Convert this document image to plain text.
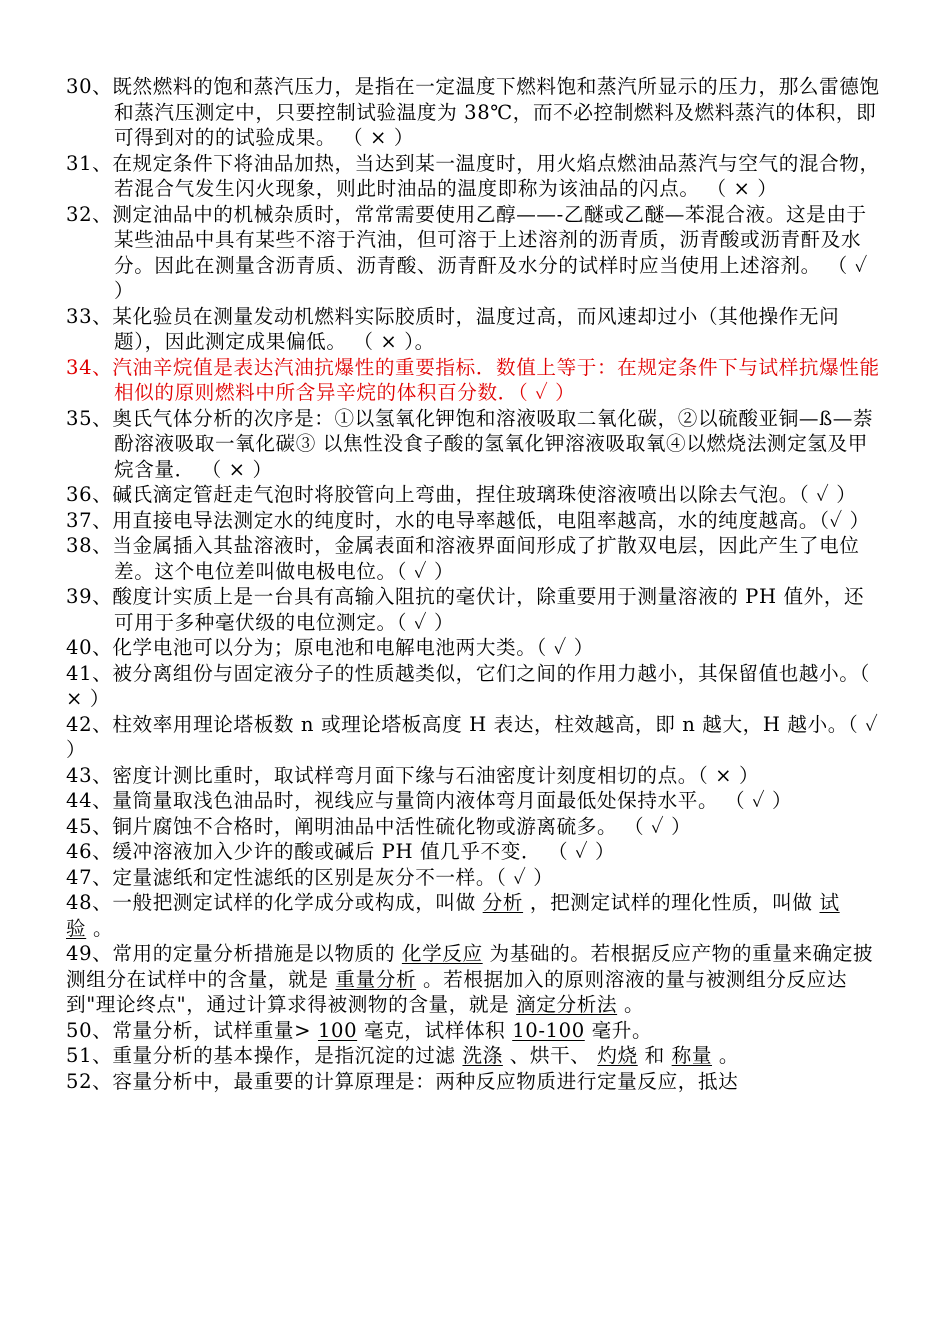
30、既然燃料的饱和蒸汽压力，是指在一定温度下燃料饱和蒸汽所显示的压力，那么雷德饱和蒸汽压测定中，只要控制试验温度为 38℃，而不必控制燃料及燃料蒸汽的体积，即可得到对的的试验成果。 （ × ）

31、在规定条件下将油品加热，当达到某一温度时，用火焰点燃油品蒸汽与空气的混合物，若混合气发生闪火现象，则此时油品的温度即称为该油品的闪点。 （ × ）

32、测定油品中的机械杂质时，常常需要使用乙醇——-乙醚或乙醚—苯混合液。这是由于某些油品中具有某些不溶于汽油，但可溶于上述溶剂的沥青质，沥青酸或沥青酐及水分。因此在测量含沥青质、沥青酸、沥青酐及水分的试样时应当使用上述溶剂。 （ ✓ ）

33、某化验员在测量发动机燃料实际胶质时，温度过高，而风速却过小（其他操作无问题），因此测定成果偏低。 （ × ）。

34、汽油辛烷值是表达汽油抗爆性的重要指标．数值上等于：在规定条件下与试样抗爆性能相似的原则燃料中所含异辛烷的体积百分数．（ ✓ ）

35、奥氏气体分析的次序是：①以氢氧化钾饱和溶液吸取二氧化碳，②以硫酸亚铜—ß—萘酚溶液吸取一氧化碳③ 以焦性没食子酸的氢氧化钾溶液吸取氧④以燃烧法测定氢及甲烷含量． （ × ）

36、碱氏滴定管赶走气泡时将胶管向上弯曲，捏住玻璃珠使溶液喷出以除去气泡。（ ✓ ）

37、用直接电导法测定水的纯度时，水的电导率越低，电阻率越高，水的纯度越高。（✓ ）

38、当金属插入其盐溶液时，金属表面和溶液界面间形成了扩散双电层，因此产生了电位差。这个电位差叫做电极电位。（ ✓ ）

39、酸度计实质上是一台具有高输入阻抗的毫伏计，除重要用于测量溶液的 PH 值外，还可用于多种毫伏级的电位测定。（ ✓ ）

40、化学电池可以分为；原电池和电解电池两大类。（ ✓ ）

41、被分离组份与固定液分子的性质越类似，它们之间的作用力越小，其保留值也越小。（ × ）

42、柱效率用理论塔板数 n 或理论塔板高度 H 表达，柱效越高，即 n 越大，H 越小。（ ✓ ）

43、密度计测比重时，取试样弯月面下缘与石油密度计刻度相切的点。（ × ）

44、量筒量取浅色油品时，视线应与量筒内液体弯月面最低处保持水平。 （ ✓ ）

45、铜片腐蚀不合格时，阐明油品中活性硫化物或游离硫多。 （ ✓ ）

46、缓冲溶液加入少许的酸或碱后 PH 值几乎不变． （ ✓ ）

47、定量滤纸和定性滤纸的区别是灰分不一样。（ ✓ ）

48、一般把测定试样的化学成分或构成，叫做 分析 ，把测定试样的理化性质，叫做 试验 。

49、常用的定量分析措施是以物质的 化学反应 为基础的。若根据反应产物的重量来确定披测组分在试样中的含量，就是 重量分析 。若根据加入的原则溶液的量与被测组分反应达到"理论终点"，通过计算求得被测物的含量，就是 滴定分析法 。

50、常量分析，试样重量> 100 毫克，试样体积 10-100 毫升。

51、重量分析的基本操作，是指沉淀的过滤 洗涤 、烘干、 灼烧 和 称量 。

52、容量分析中，最重要的计算原理是：两种反应物质进行定量反应，抵达
